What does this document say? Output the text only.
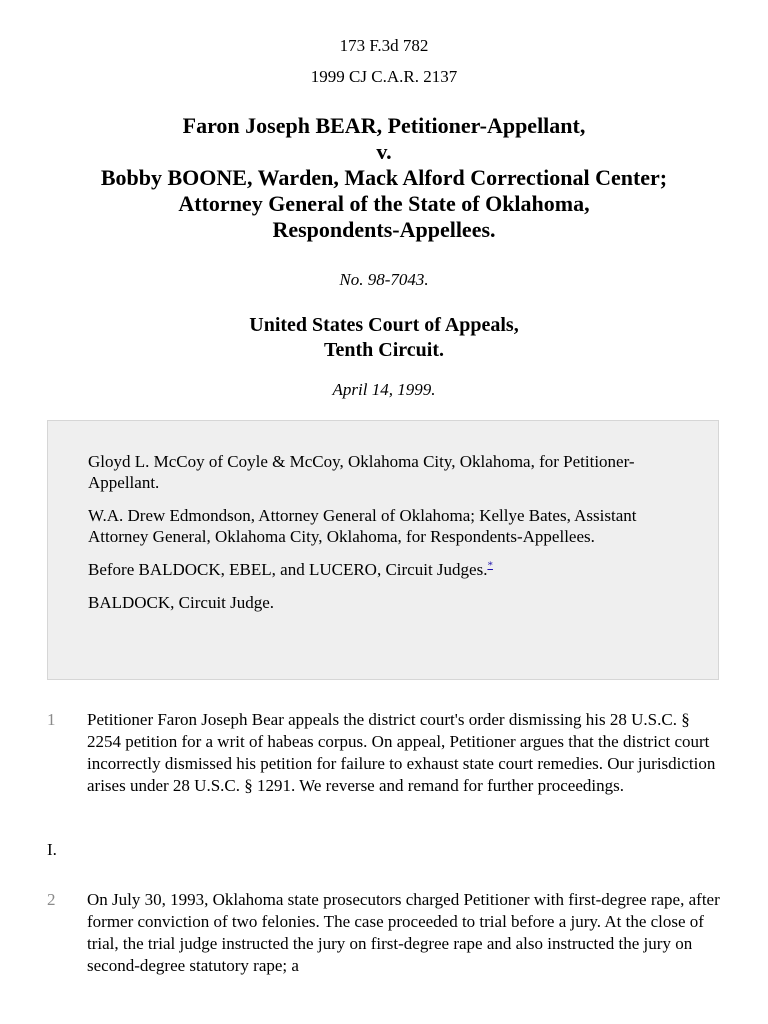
173 F.3d 782
1999 CJ C.A.R. 2137
Faron Joseph BEAR, Petitioner-Appellant,
v.
Bobby BOONE, Warden, Mack Alford Correctional Center;
Attorney General of the State of Oklahoma,
Respondents-Appellees.
No. 98-7043.
United States Court of Appeals,
Tenth Circuit.
April 14, 1999.

Gloyd L. McCoy of Coyle & McCoy, Oklahoma City, Oklahoma, for Petitioner-Appellant.

W.A. Drew Edmondson, Attorney General of Oklahoma; Kellye Bates, Assistant Attorney General, Oklahoma City, Oklahoma, for Respondents-Appellees.

Before BALDOCK, EBEL, and LUCERO, Circuit Judges.*

BALDOCK, Circuit Judge.

1 Petitioner Faron Joseph Bear appeals the district court's order dismissing his 28 U.S.C. § 2254 petition for a writ of habeas corpus. On appeal, Petitioner argues that the district court incorrectly dismissed his petition for failure to exhaust state court remedies. Our jurisdiction arises under 28 U.S.C. § 1291. We reverse and remand for further proceedings.
I.
2 On July 30, 1993, Oklahoma state prosecutors charged Petitioner with first-degree rape, after former conviction of two felonies. The case proceeded to trial before a jury. At the close of trial, the trial judge instructed the jury on first-degree rape and also instructed the jury on second-degree statutory rape; a
